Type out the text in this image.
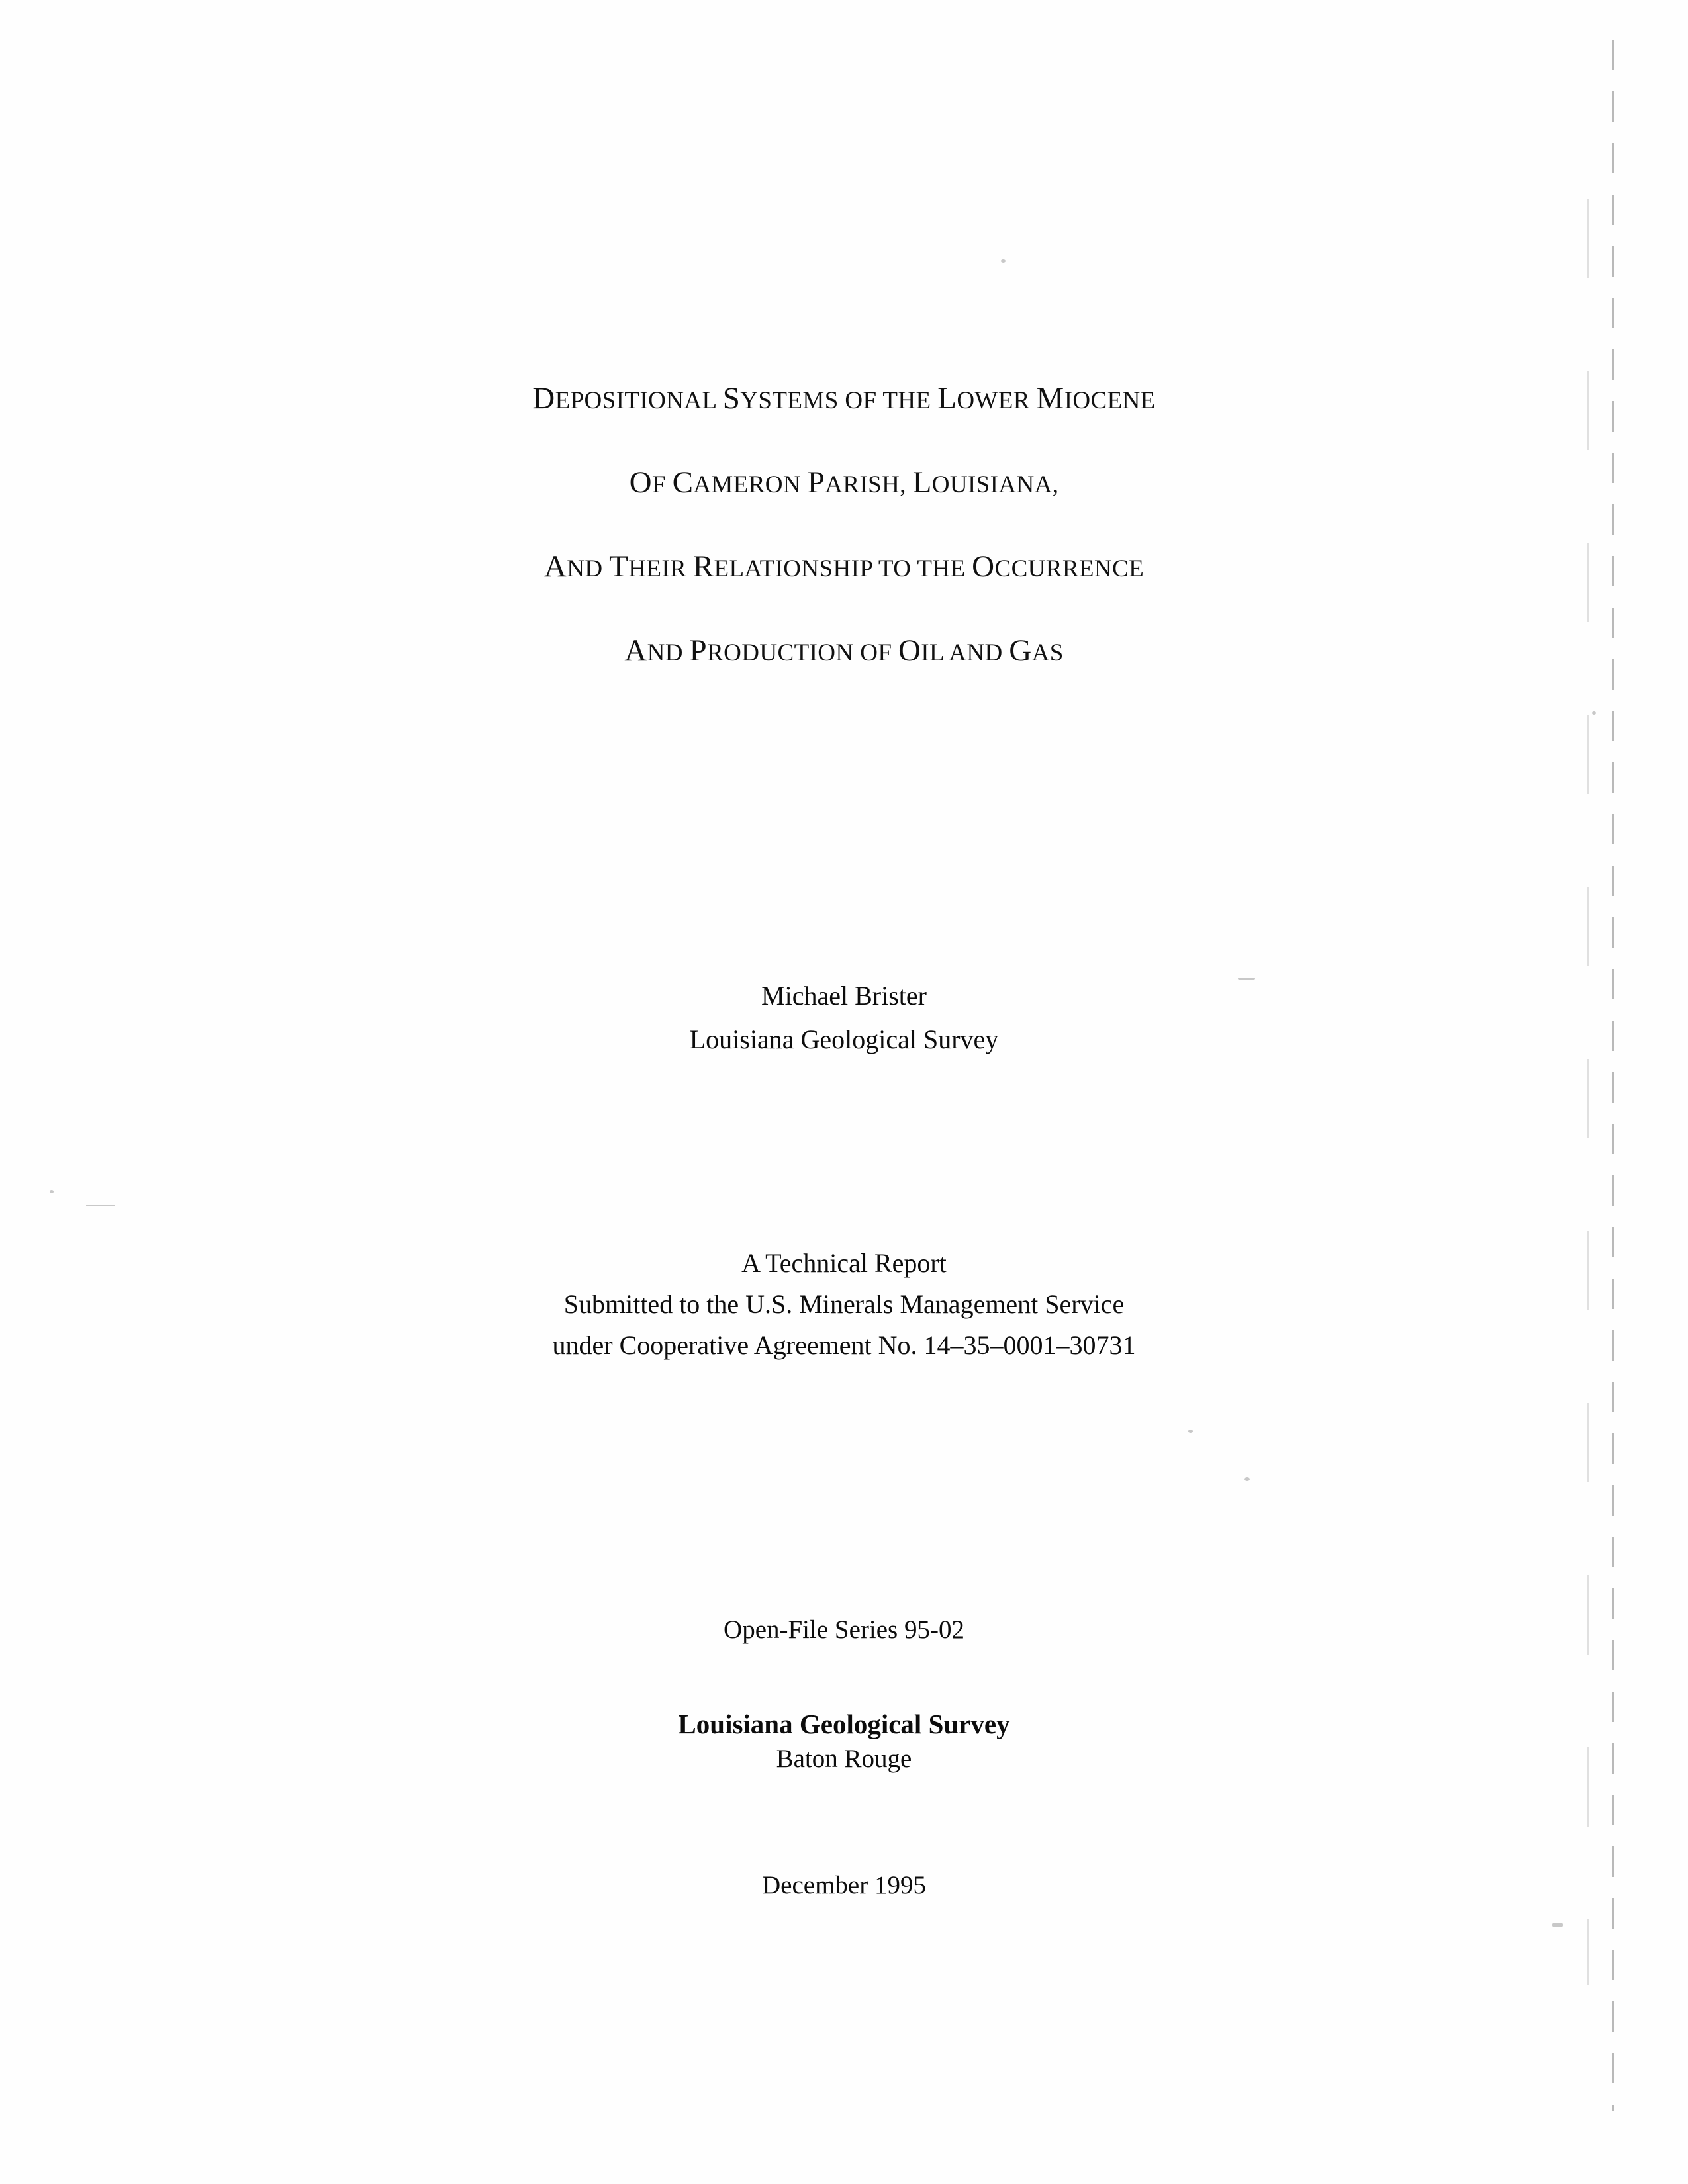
DEPOSITIONAL SYSTEMS OF THE LOWER MIOCENE
OF CAMERON PARISH, LOUISIANA,
AND THEIR RELATIONSHIP TO THE OCCURRENCE
AND PRODUCTION OF OIL AND GAS

Michael Brister

Louisiana Geological Survey

A Technical Report

Submitted to the U.S. Minerals Management Service

under Cooperative Agreement No. 14–35–0001–30731

Open-File Series 95-02

Louisiana Geological Survey

Baton Rouge

December 1995
